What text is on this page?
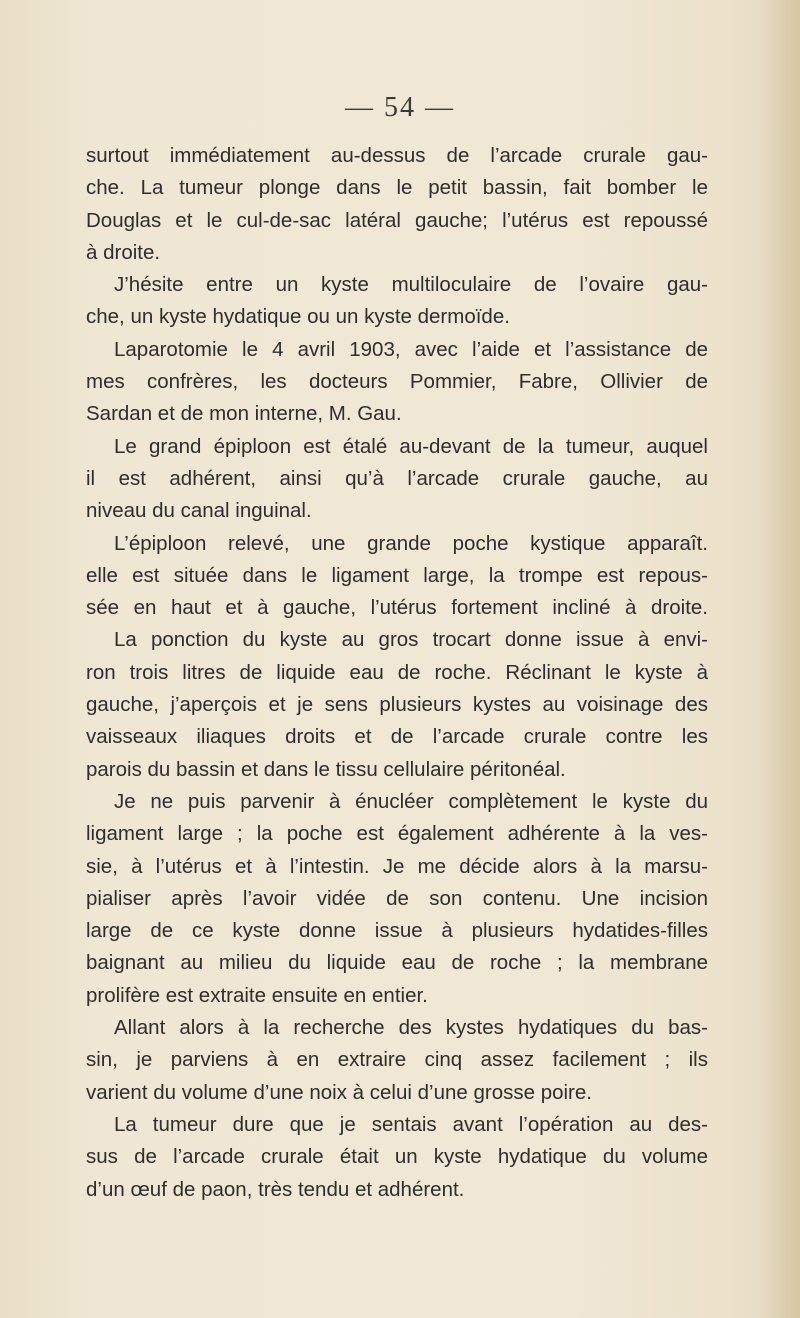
— 54 —
surtout immédiatement au-dessus de l’arcade crurale gau-
che. La tumeur plonge dans le petit bassin, fait bomber le
Douglas et le cul-de-sac latéral gauche; l’utérus est repoussé
à droite.
J’hésite entre un kyste multiloculaire de l’ovaire gau-
che, un kyste hydatique ou un kyste dermoïde.
Laparotomie le 4 avril 1903, avec l’aide et l’assistance de
mes confrères, les docteurs Pommier, Fabre, Ollivier de
Sardan et de mon interne, M. Gau.
Le grand épiploon est étalé au-devant de la tumeur, auquel
il est adhérent, ainsi qu’à l’arcade crurale gauche, au
niveau du canal inguinal.
L’épiploon relevé, une grande poche kystique apparaît.
elle est située dans le ligament large, la trompe est repous-
sée en haut et à gauche, l’utérus fortement incliné à droite.
La ponction du kyste au gros trocart donne issue à envi-
ron trois litres de liquide eau de roche. Réclinant le kyste à
gauche, j’aperçois et je sens plusieurs kystes au voisinage des
vaisseaux iliaques droits et de l’arcade crurale contre les
parois du bassin et dans le tissu cellulaire péritonéal.
Je ne puis parvenir à énucléer complètement le kyste du
ligament large ; la poche est également adhérente à la ves-
sie, à l’utérus et à l’intestin. Je me décide alors à la marsu-
pialiser après l’avoir vidée de son contenu. Une incision
large de ce kyste donne issue à plusieurs hydatides-filles
baignant au milieu du liquide eau de roche ; la membrane
prolifère est extraite ensuite en entier.
Allant alors à la recherche des kystes hydatiques du bas-
sin, je parviens à en extraire cinq assez facilement ; ils
varient du volume d’une noix à celui d’une grosse poire.
La tumeur dure que je sentais avant l’opération au des-
sus de l’arcade crurale était un kyste hydatique du volume
d’un œuf de paon, très tendu et adhérent.
